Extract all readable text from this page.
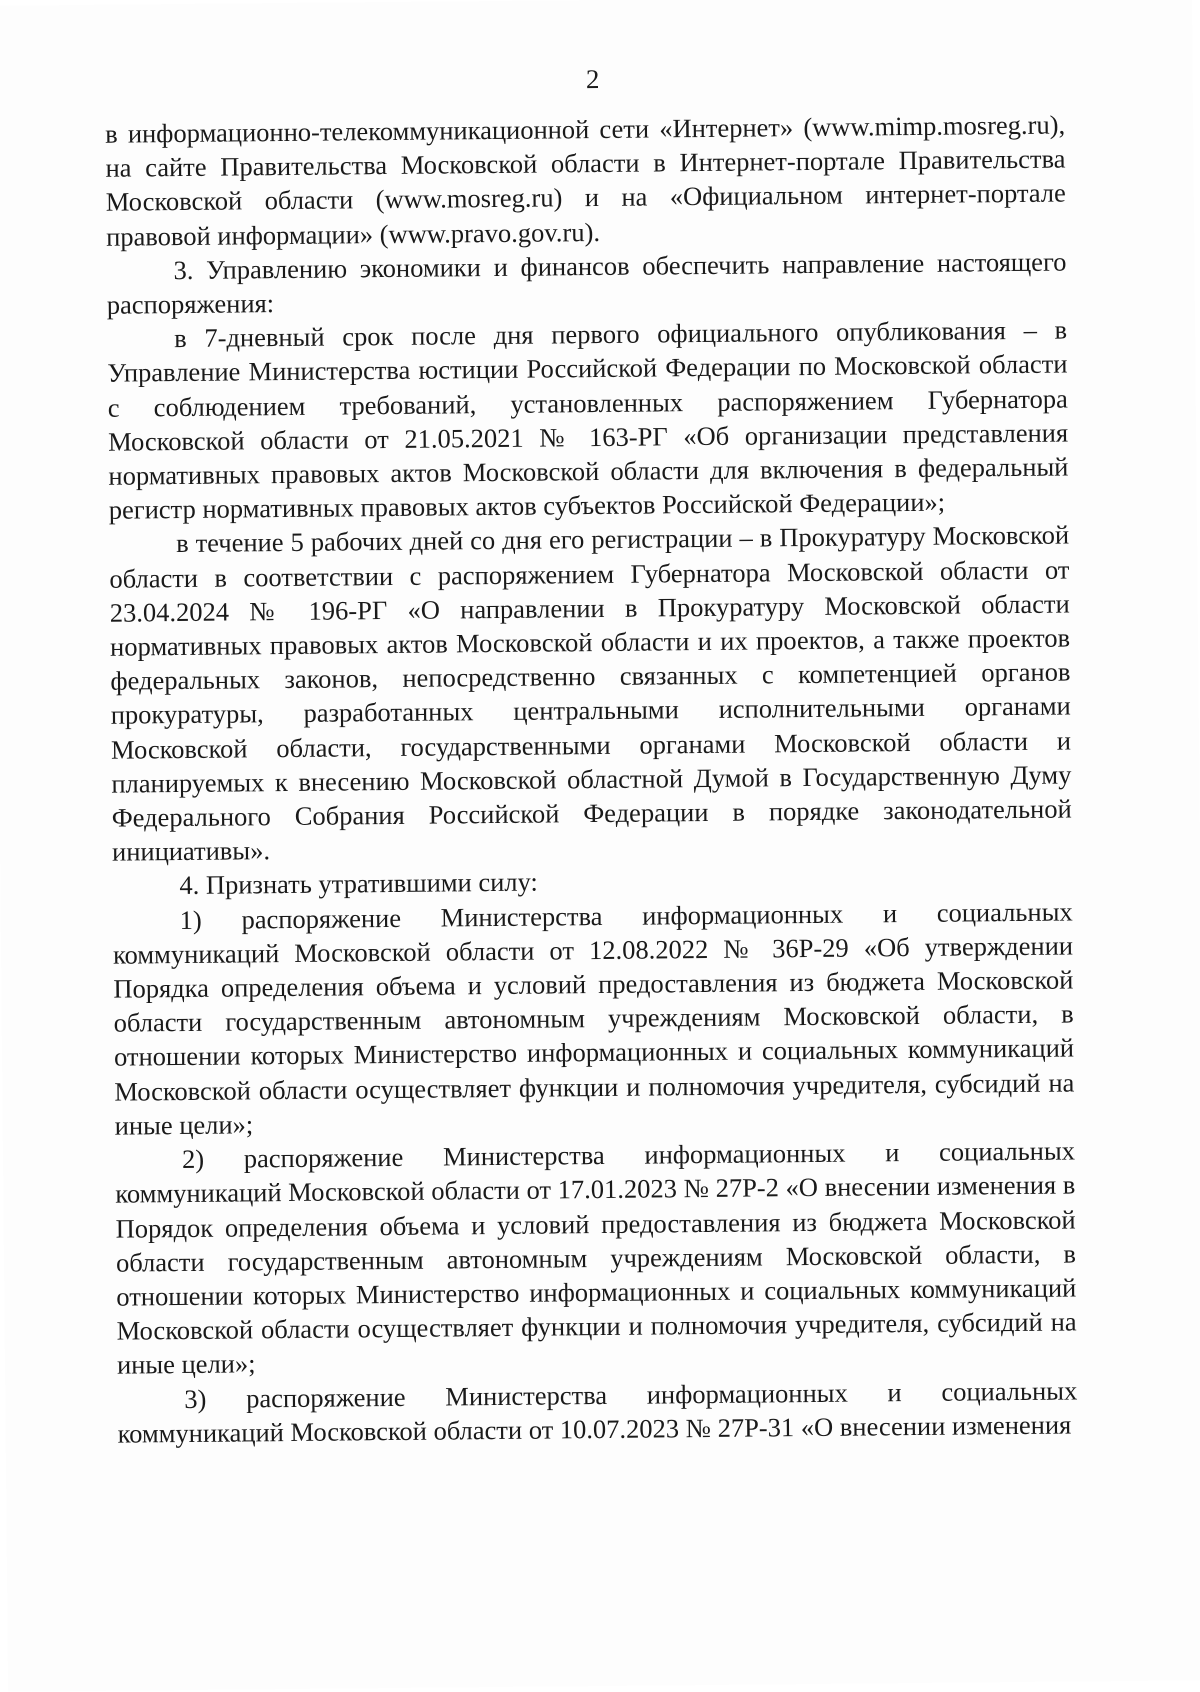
2

в информационно-телекоммуникационной сети «Интернет» (www.mimp.mosreg.ru), на сайте Правительства Московской области в Интернет-портале Правительства Московской области (www.mosreg.ru) и на «Официальном интернет-портале правовой информации» (www.pravo.gov.ru).

3. Управлению экономики и финансов обеспечить направление настоящего распоряжения:

в 7-дневный срок после дня первого официального опубликования – в Управление Министерства юстиции Российской Федерации по Московской области с соблюдением требований, установленных распоряжением Губернатора Московской области от 21.05.2021 № 163-РГ «Об организации представления нормативных правовых актов Московской области для включения в федеральный регистр нормативных правовых актов субъектов Российской Федерации»;

в течение 5 рабочих дней со дня его регистрации – в Прокуратуру Московской области в соответствии с распоряжением Губернатора Московской области от 23.04.2024 № 196-РГ «О направлении в Прокуратуру Московской области нормативных правовых актов Московской области и их проектов, а также проектов федеральных законов, непосредственно связанных с компетенцией органов прокуратуры, разработанных центральными исполнительными органами Московской области, государственными органами Московской области и планируемых к внесению Московской областной Думой в Государственную Думу Федерального Собрания Российской Федерации в порядке законодательной инициативы».

4. Признать утратившими силу:

1) распоряжение Министерства информационных и социальных коммуникаций Московской области от 12.08.2022 № 36Р-29 «Об утверждении Порядка определения объема и условий предоставления из бюджета Московской области государственным автономным учреждениям Московской области, в отношении которых Министерство информационных и социальных коммуникаций Московской области осуществляет функции и полномочия учредителя, субсидий на иные цели»;

2) распоряжение Министерства информационных и социальных коммуникаций Московской области от 17.01.2023 № 27Р-2 «О внесении изменения в Порядок определения объема и условий предоставления из бюджета Московской области государственным автономным учреждениям Московской области, в отношении которых Министерство информационных и социальных коммуникаций Московской области осуществляет функции и полномочия учредителя, субсидий на иные цели»;

3) распоряжение Министерства информационных и социальных коммуникаций Московской области от 10.07.2023 № 27Р-31 «О внесении изменения
